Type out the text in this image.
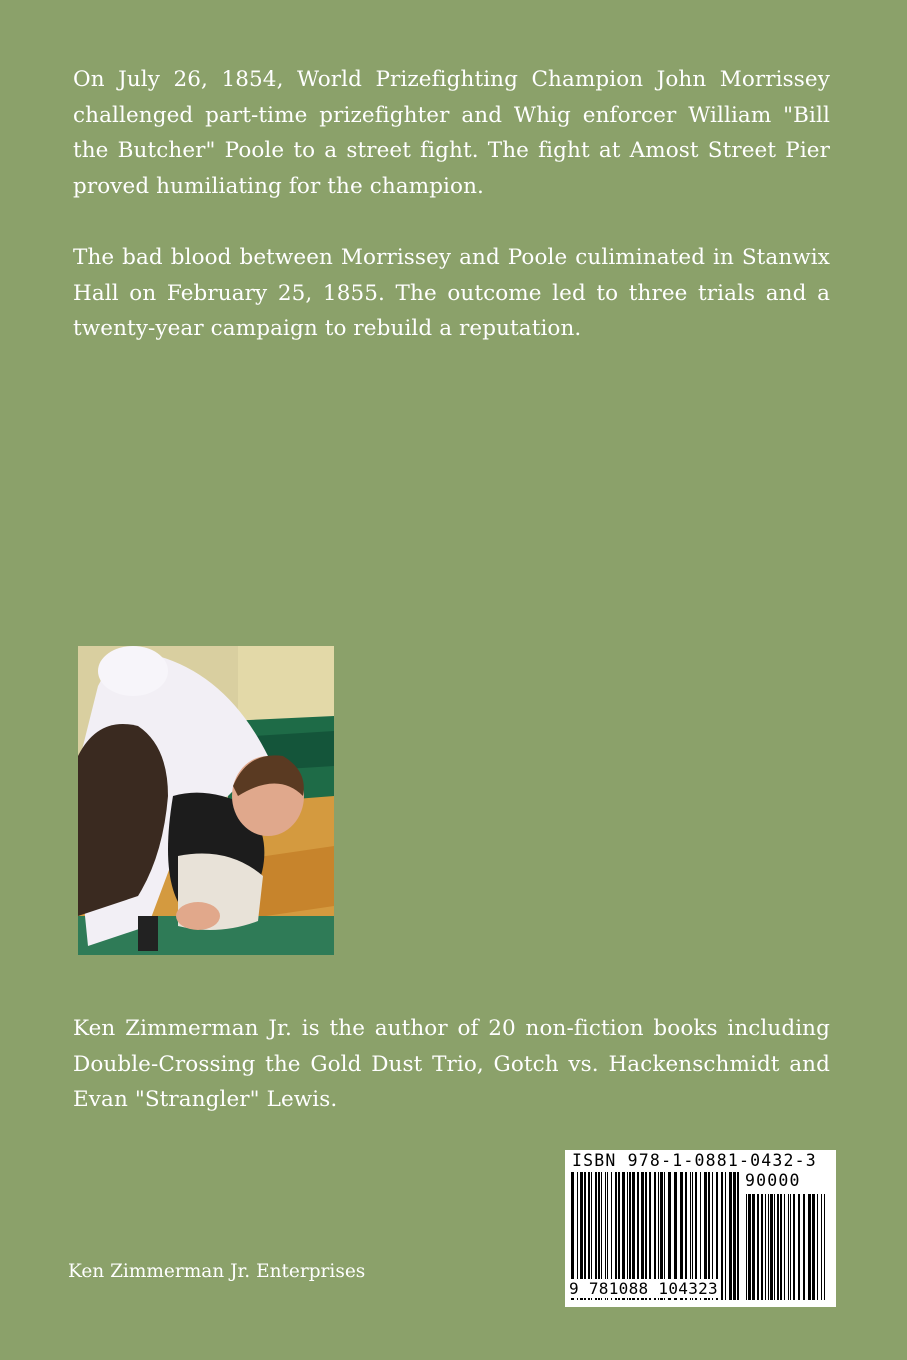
On July 26, 1854, World Prizefighting Champion John Morrissey challenged part-time prizefighter and Whig enforcer William "Bill the Butcher" Poole to a street fight. The fight at Amost Street Pier proved humiliating for the champion.

The bad blood between Morrissey and Poole culiminated in Stanwix Hall on February 25, 1855. The outcome led to three trials and a twenty-year campaign to rebuild a reputation.

Ken Zimmerman Jr. is the author of 20 non-fiction books including Double-Crossing the Gold Dust Trio, Gotch vs. Hackenschmidt and Evan "Strangler" Lewis.

Ken Zimmerman Jr. Enterprises

ISBN 978-1-0881-0432-3
90000
9 781088 104323
